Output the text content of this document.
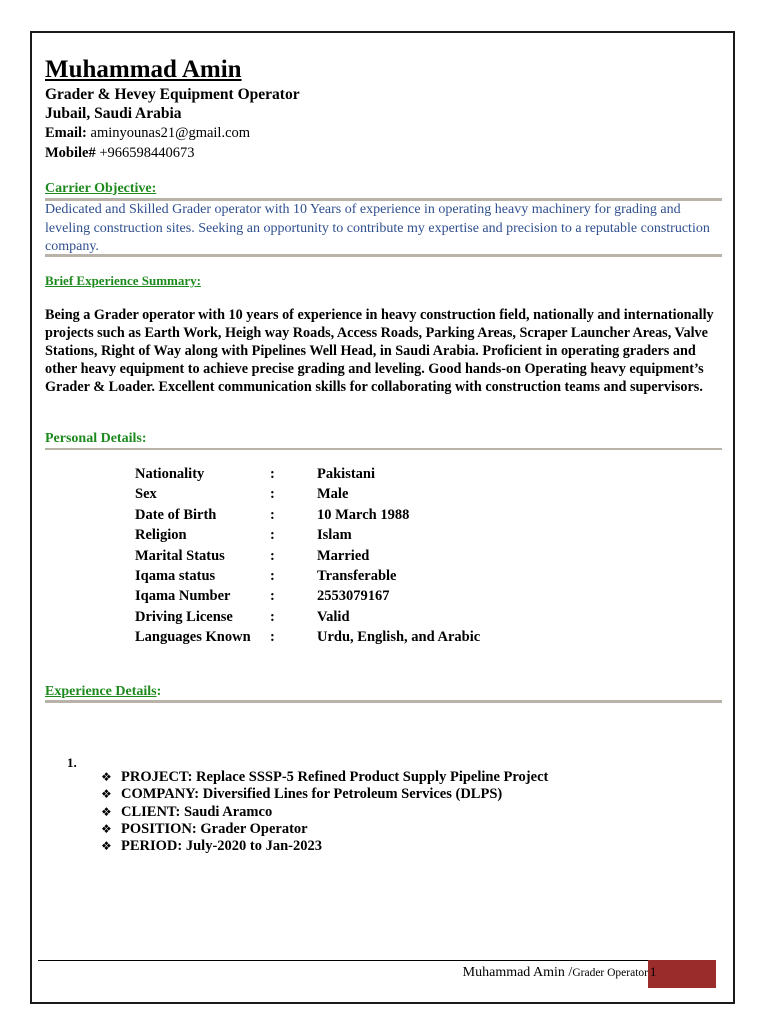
Muhammad Amin
Grader & Hevey Equipment Operator
Jubail, Saudi Arabia
Email: aminyounas21@gmail.com
Mobile# +966598440673
Carrier Objective:
Dedicated and Skilled Grader operator with 10 Years of experience in operating heavy machinery for grading and leveling construction sites. Seeking an opportunity to contribute my expertise and precision to a reputable construction company.
Brief Experience Summary:
Being a Grader operator with 10 years of experience in heavy construction field, nationally and internationally projects such as Earth Work, Heigh way Roads, Access Roads, Parking Areas, Scraper Launcher Areas, Valve Stations, Right of Way along with Pipelines Well Head, in Saudi Arabia. Proficient in operating graders and other heavy equipment to achieve precise grading and leveling. Good hands-on Operating heavy equipment’s Grader & Loader. Excellent communication skills for collaborating with construction teams and supervisors.
Personal Details:
Nationality	:	Pakistani
Sex	:	Male
Date of Birth	:	10 March 1988
Religion	:	Islam
Marital Status	:	Married
Iqama status	:	Transferable
Iqama Number	:	2553079167
Driving License	:	Valid
Languages Known	:	Urdu, English, and Arabic
Experience Details:
1.
❖ PROJECT: Replace SSSP-5 Refined Product Supply Pipeline Project
❖ COMPANY: Diversified Lines for Petroleum Services (DLPS)
❖ CLIENT: Saudi Aramco
❖ POSITION: Grader Operator
❖ PERIOD: July-2020 to Jan-2023
Muhammad Amin /Grader Operator 1
